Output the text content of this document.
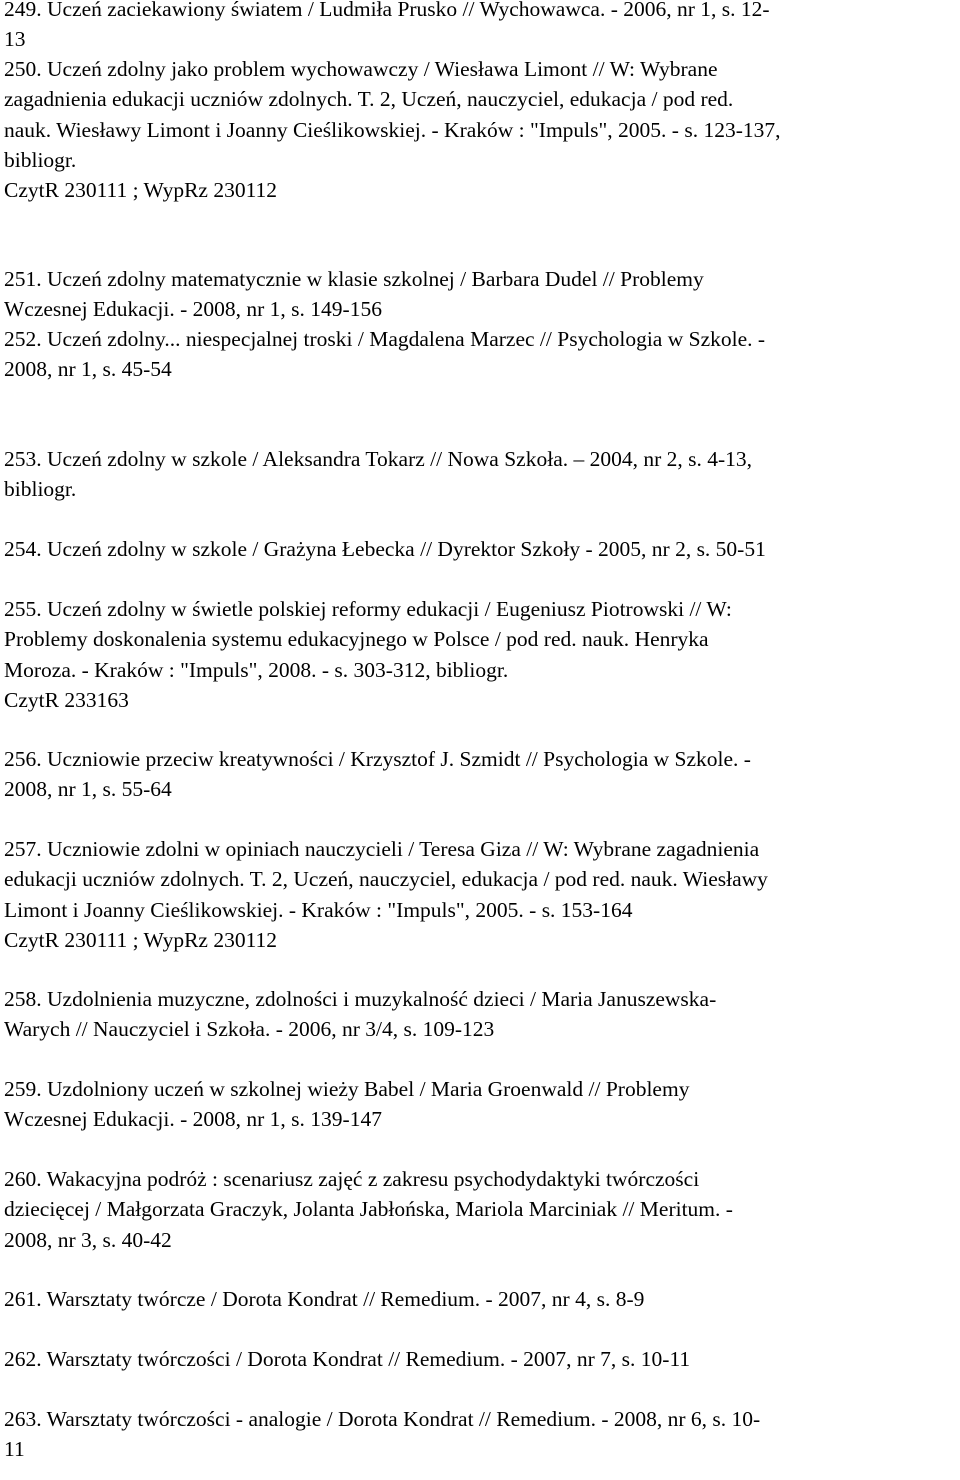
249. Uczeń zaciekawiony światem / Ludmiła Prusko // Wychowawca. - 2006, nr 1, s. 12-
13
250. Uczeń zdolny jako problem wychowawczy / Wiesława Limont // W: Wybrane
zagadnienia edukacji uczniów zdolnych. T. 2, Uczeń, nauczyciel, edukacja / pod red.
nauk. Wiesławy Limont i Joanny Cieślikowskiej. - Kraków : "Impuls", 2005. - s. 123-137,
bibliogr.
CzytR 230111 ; WypRz 230112
251. Uczeń zdolny matematycznie w klasie szkolnej / Barbara Dudel // Problemy
Wczesnej Edukacji. - 2008, nr 1, s. 149-156
252. Uczeń zdolny... niespecjalnej troski / Magdalena Marzec // Psychologia w Szkole. -
2008, nr 1, s. 45-54
253. Uczeń zdolny w szkole / Aleksandra Tokarz // Nowa Szkoła. – 2004, nr 2, s. 4-13,
bibliogr.
254. Uczeń zdolny w szkole / Grażyna Łebecka // Dyrektor Szkoły - 2005, nr 2, s. 50-51
255. Uczeń zdolny w świetle polskiej reformy edukacji / Eugeniusz Piotrowski // W:
Problemy doskonalenia systemu edukacyjnego w Polsce / pod red. nauk. Henryka
Moroza. - Kraków : "Impuls", 2008. - s. 303-312, bibliogr.
CzytR 233163
256. Uczniowie przeciw kreatywności / Krzysztof J. Szmidt // Psychologia w Szkole. -
2008, nr 1, s. 55-64
257. Uczniowie zdolni w opiniach nauczycieli / Teresa Giza // W: Wybrane zagadnienia
edukacji uczniów zdolnych. T. 2, Uczeń, nauczyciel, edukacja / pod red. nauk. Wiesławy
Limont i Joanny Cieślikowskiej. - Kraków : "Impuls", 2005. - s. 153-164
CzytR 230111 ; WypRz 230112
258. Uzdolnienia muzyczne, zdolności i muzykalność dzieci / Maria Januszewska-
Warych // Nauczyciel i Szkoła. - 2006, nr 3/4, s. 109-123
259. Uzdolniony uczeń w szkolnej wieży Babel / Maria Groenwald // Problemy
Wczesnej Edukacji. - 2008, nr 1, s. 139-147
260. Wakacyjna podróż : scenariusz zajęć z zakresu psychodydaktyki twórczości
dziecięcej / Małgorzata Graczyk, Jolanta Jabłońska, Mariola Marciniak // Meritum. -
2008, nr 3, s. 40-42
261. Warsztaty twórcze / Dorota Kondrat // Remedium. - 2007, nr 4, s. 8-9
262. Warsztaty twórczości / Dorota Kondrat // Remedium. - 2007, nr 7, s. 10-11
263. Warsztaty twórczości - analogie / Dorota Kondrat // Remedium. - 2008, nr 6, s. 10-
11
